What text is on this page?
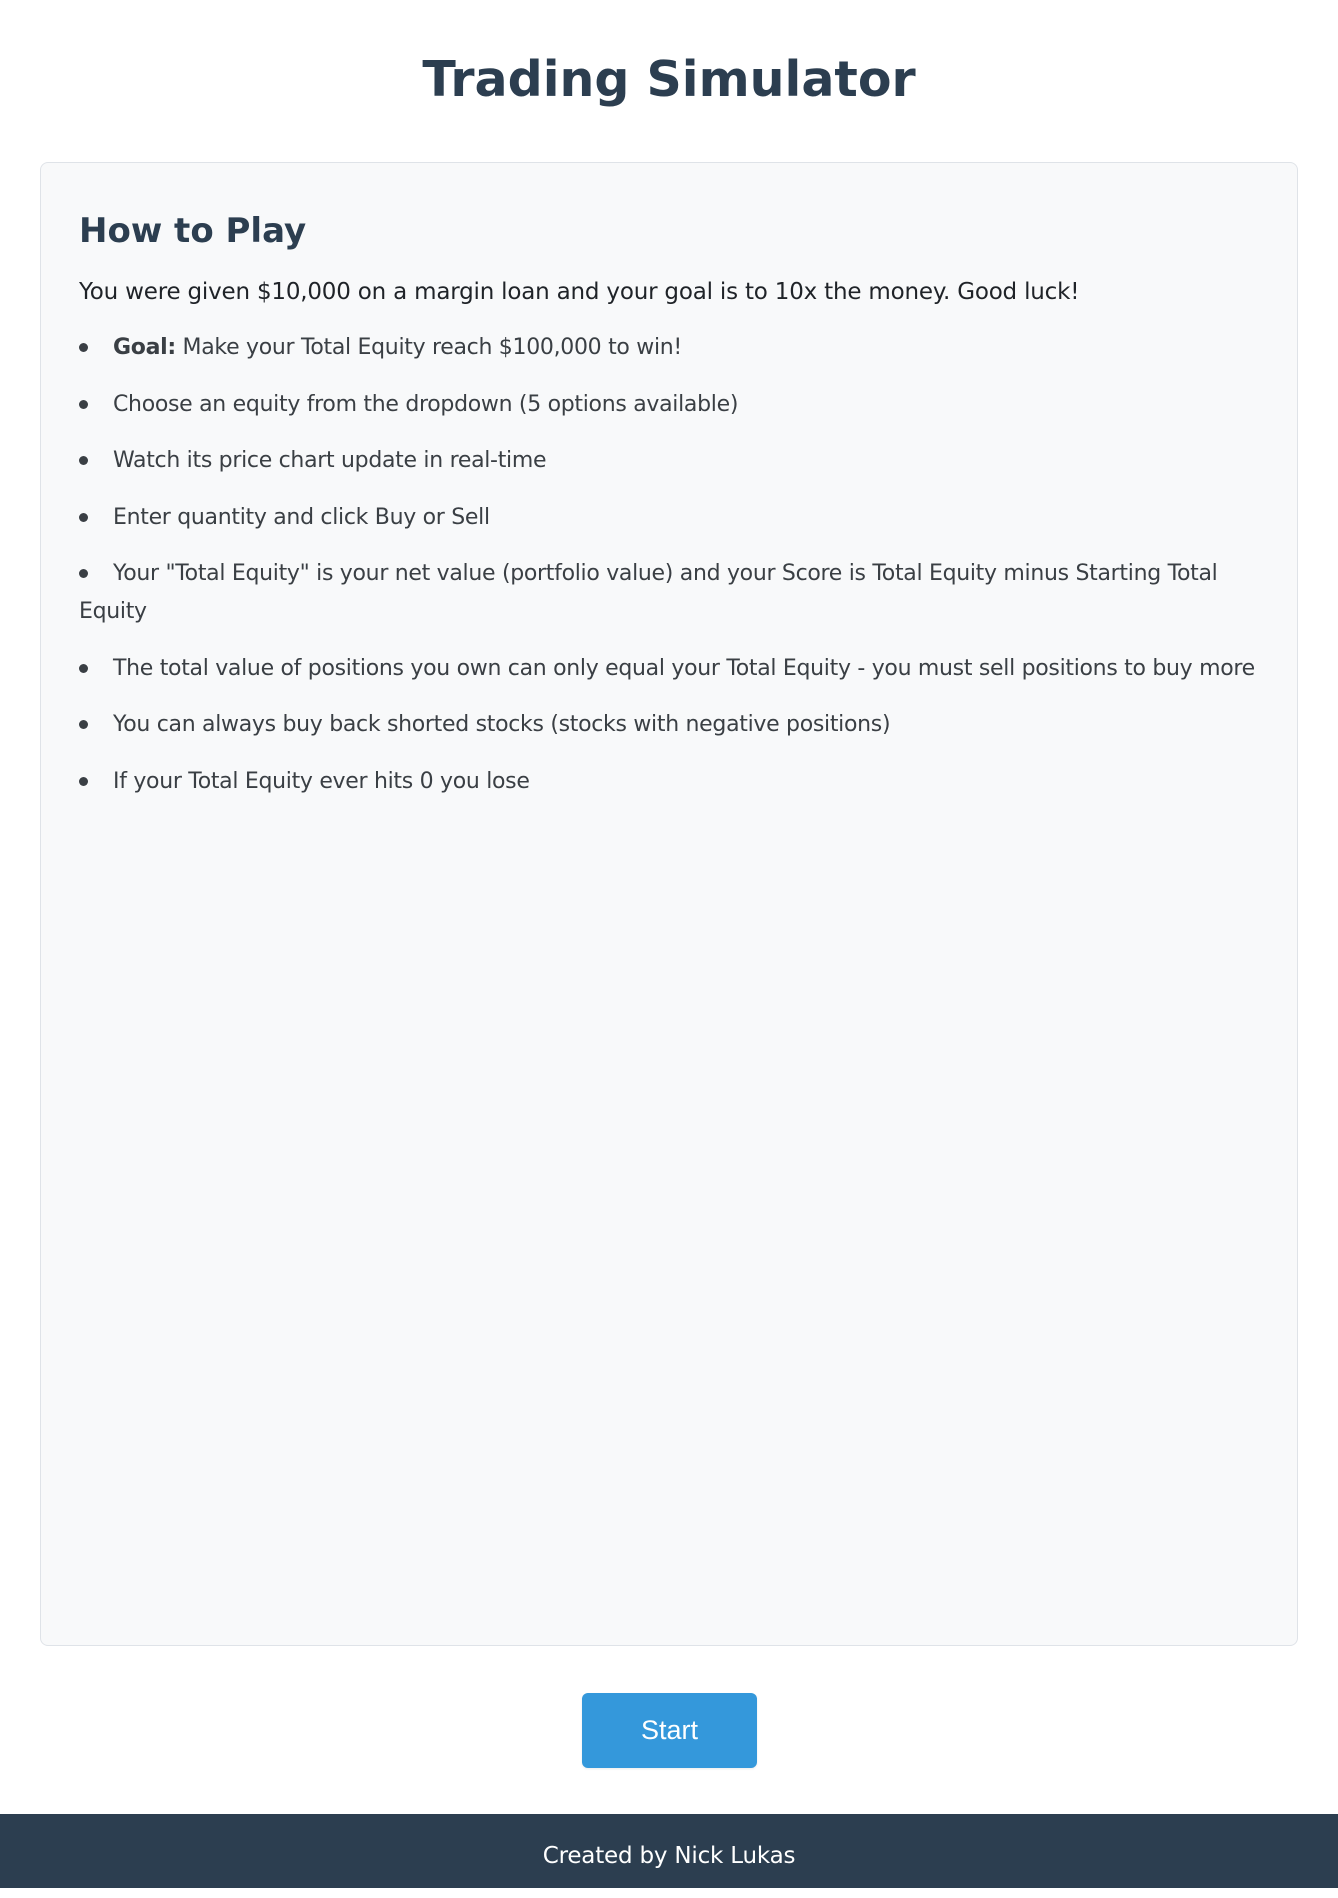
Trading Simulator
How to Play

You were given $10,000 on a margin loan and your goal is to 10x the money. Good luck!

Goal: Make your Total Equity reach $100,000 to win!
Choose an equity from the dropdown (5 options available)
Watch its price chart update in real-time
Enter quantity and click Buy or Sell
Your "Total Equity" is your net value (portfolio value) and your Score is Total Equity minus Starting Total Equity
The total value of positions you own can only equal your Total Equity - you must sell positions to buy more
You can always buy back shorted stocks (stocks with negative positions)
If your Total Equity ever hits 0 you lose
Start
Created by Nick Lukas
